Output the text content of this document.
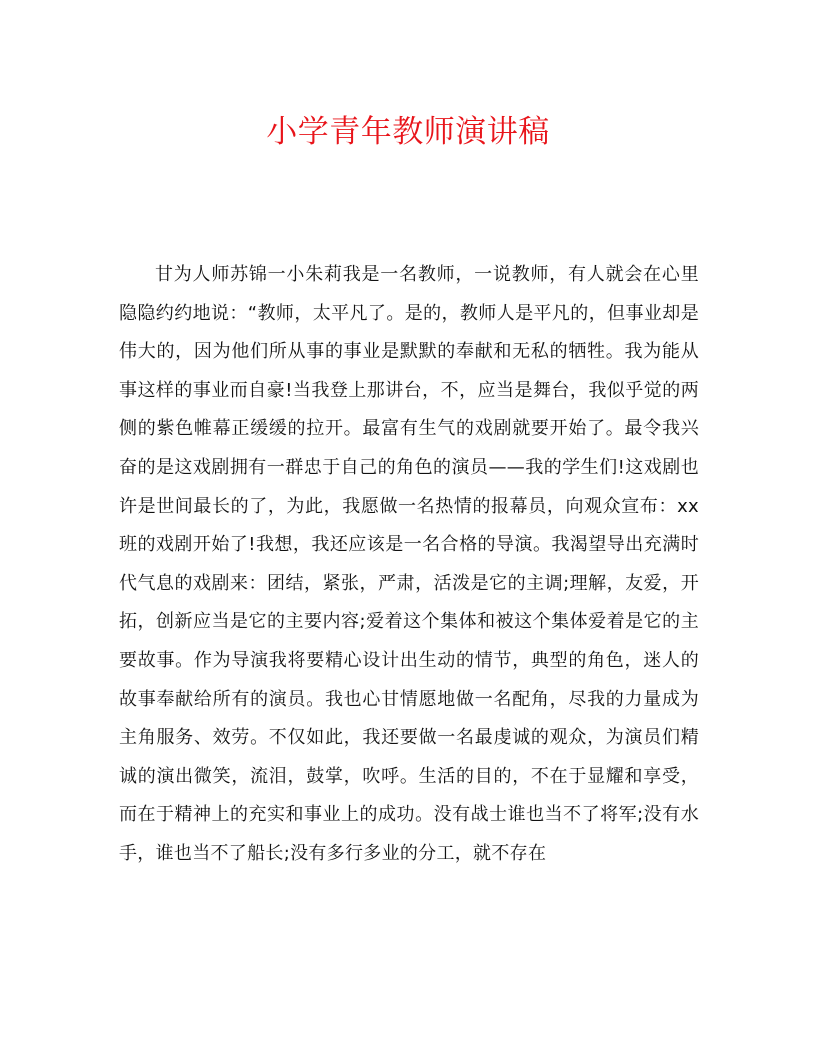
小学青年教师演讲稿

甘为人师苏锦一小朱莉我是一名教师，一说教师，有人就会在心里隐隐约约地说：“教师，太平凡了。是的，教师人是平凡的，但事业却是伟大的，因为他们所从事的事业是默默的奉献和无私的牺牲。我为能从事这样的事业而自豪!当我登上那讲台，不，应当是舞台，我似乎觉的两侧的紫色帷幕正缓缓的拉开。最富有生气的戏剧就要开始了。最令我兴奋的是这戏剧拥有一群忠于自己的角色的演员——我的学生们!这戏剧也许是世间最长的了，为此，我愿做一名热情的报幕员，向观众宣布：xx班的戏剧开始了!我想，我还应该是一名合格的导演。我渴望导出充满时代气息的戏剧来：团结，紧张，严肃，活泼是它的主调;理解，友爱，开拓，创新应当是它的主要内容;爱着这个集体和被这个集体爱着是它的主要故事。作为导演我将要精心设计出生动的情节，典型的角色，迷人的故事奉献给所有的演员。我也心甘情愿地做一名配角，尽我的力量成为主角服务、效劳。不仅如此，我还要做一名最虔诚的观众，为演员们精诚的演出微笑，流泪，鼓掌，吹呼。生活的目的，不在于显耀和享受，而在于精神上的充实和事业上的成功。没有战士谁也当不了将军;没有水手，谁也当不了船长;没有多行多业的分工，就不存在
